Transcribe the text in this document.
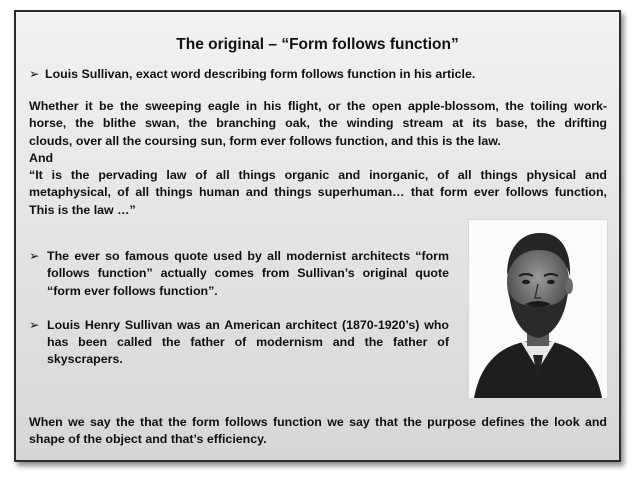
The original – “Form follows function”
➢ Louis Sullivan, exact word describing form follows function in his article.
Whether it be the sweeping eagle in his flight, or the open apple-blossom, the toiling work-
horse, the blithe swan, the branching oak, the winding stream at its base, the drifting
clouds, over all the coursing sun, form ever follows function, and this is the law.
And
“It is the pervading law of all things organic and inorganic, of all things physical and
metaphysical, of all things human and things superhuman… that form ever follows function,
This is the law …”
➢ The ever so famous quote used by all modernist architects “form follows function” actually comes from Sullivan’s original quote “form ever follows function”.
➢ Louis Henry Sullivan was an American architect (1870-1920’s) who has been called the father of modernism and the father of skyscrapers.
When we say the that the form follows function we say that the purpose defines the look and shape of the object and that’s efficiency.
